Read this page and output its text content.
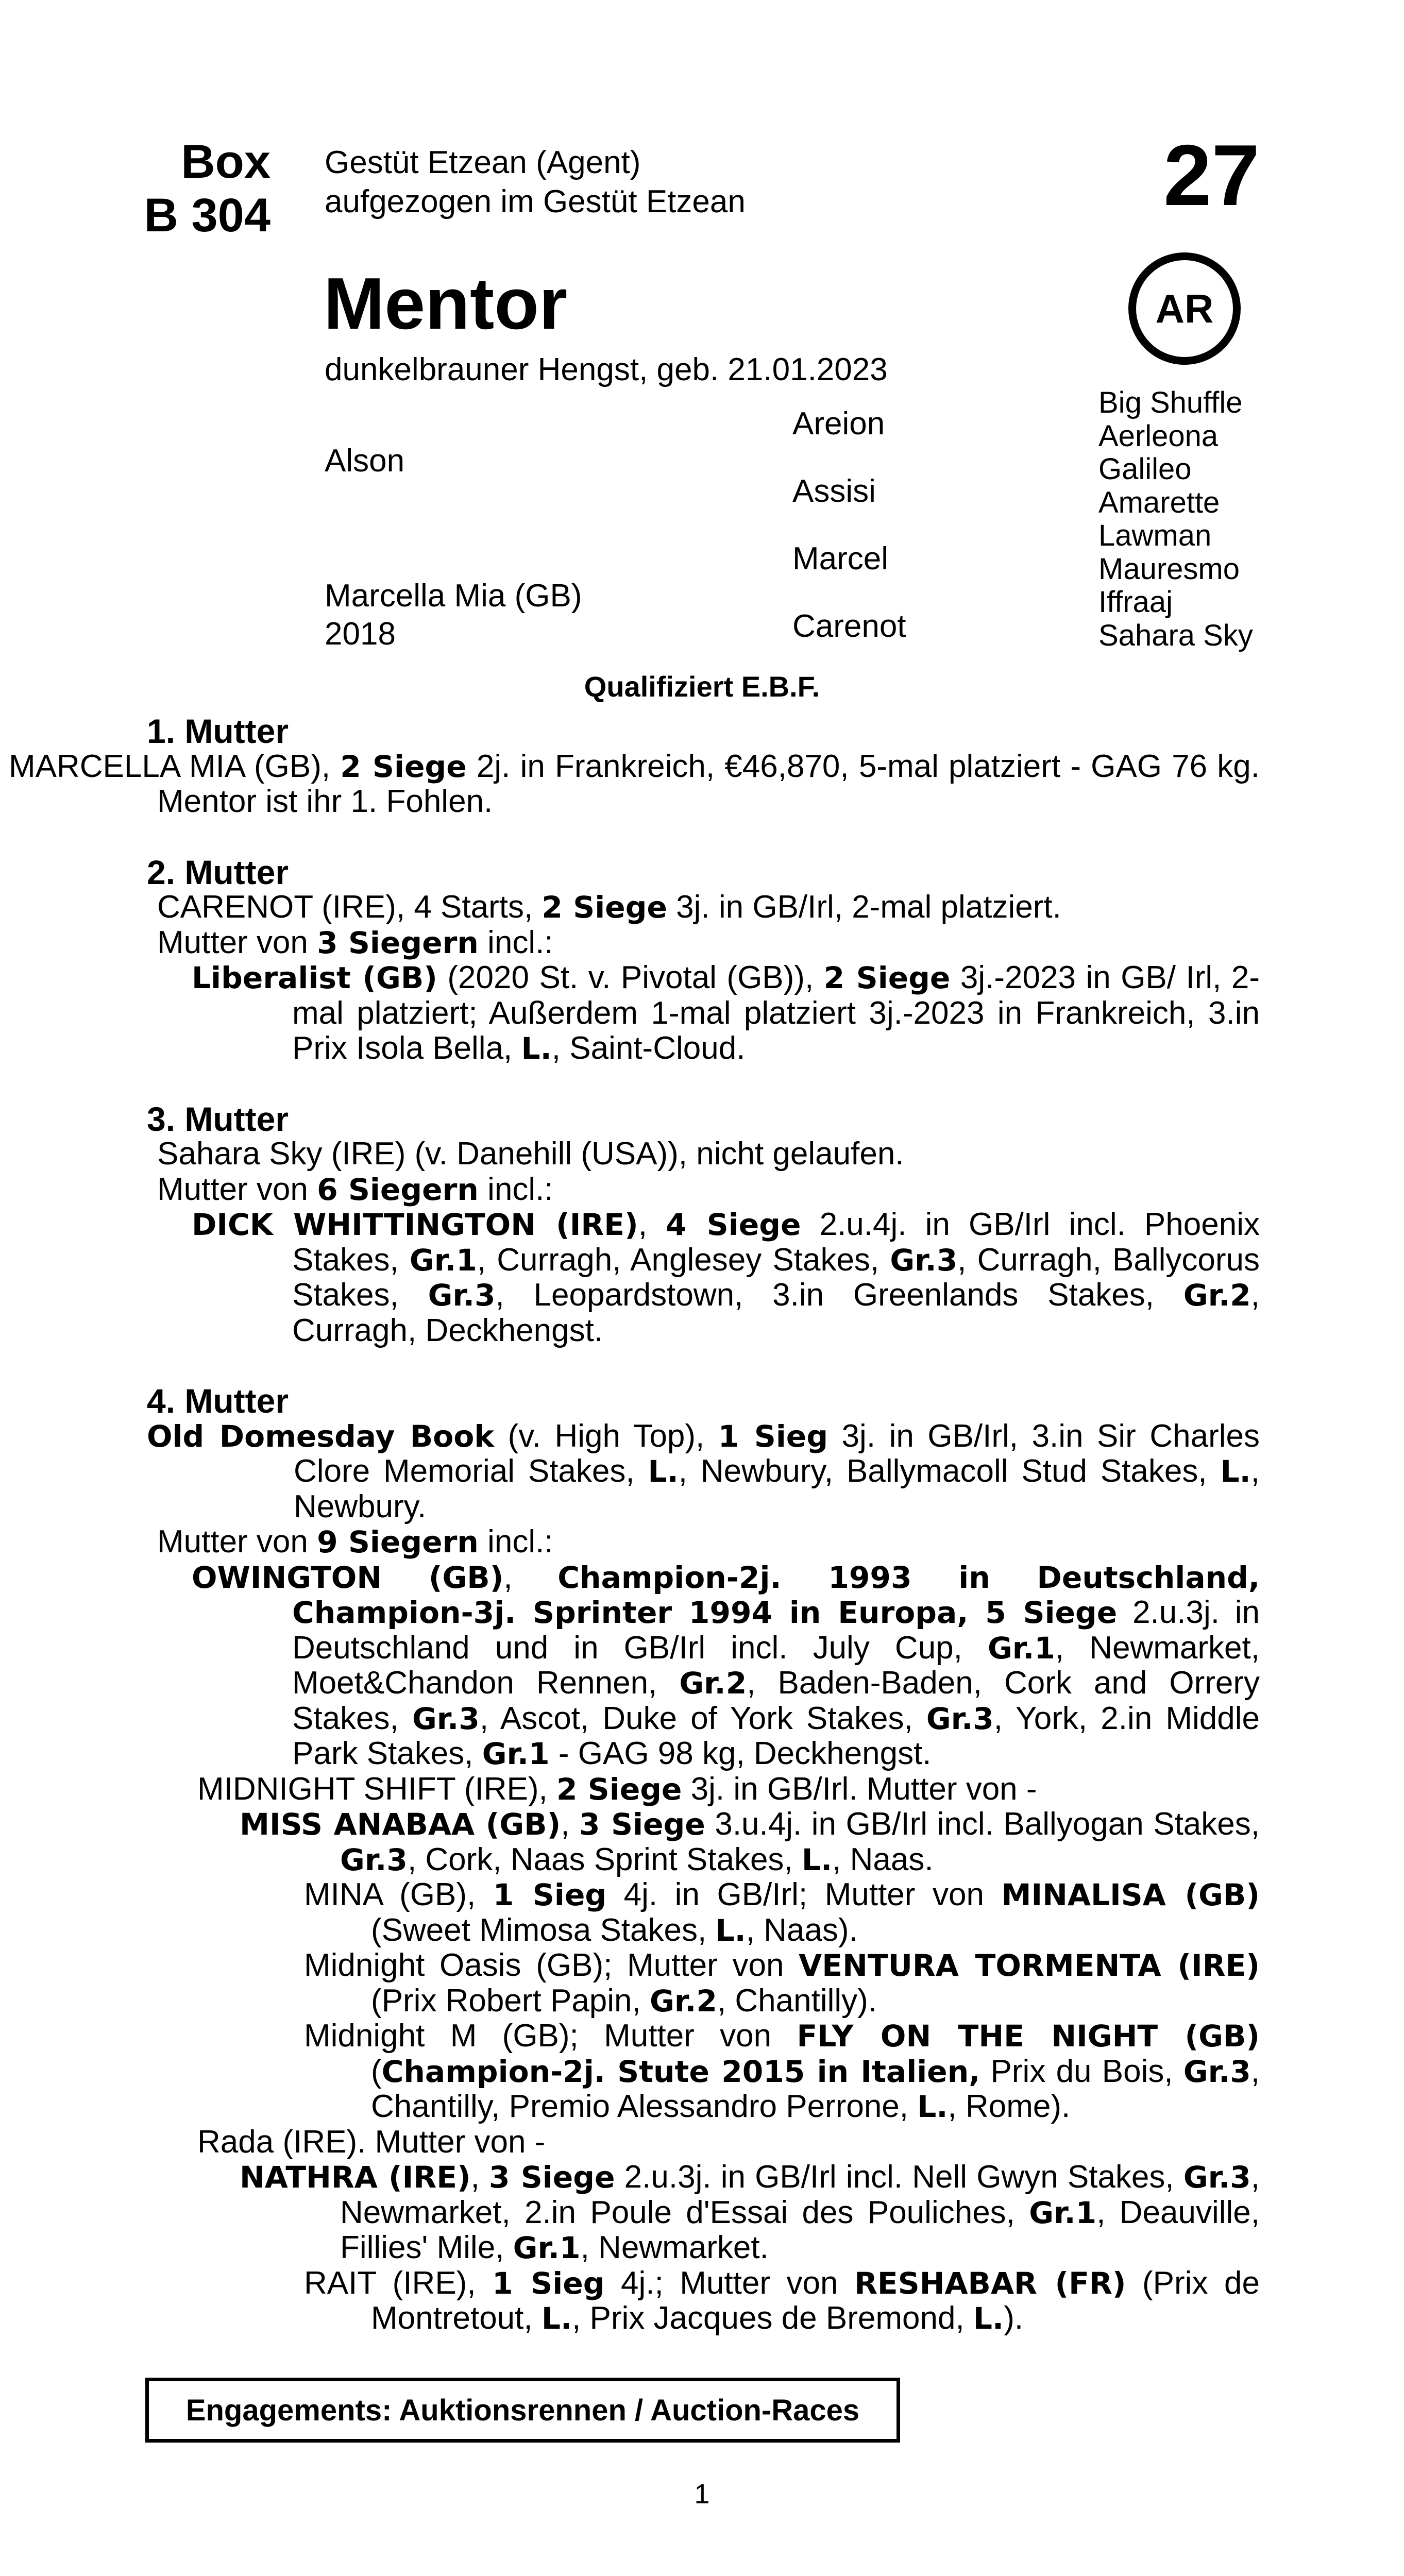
Box
B 304
Gestüt Etzean (Agent)
aufgezogen im Gestüt Etzean	27
AR
Mentor
dunkelbrauner Hengst, geb. 21.01.2023
Alson
Marcella Mia (GB)
2018
Areion
Assisi
Marcel
Carenot
Big Shuffle
Aerleona
Galileo
Amarette
Lawman
Mauresmo
Iffraaj
Sahara Sky
Qualifiziert E.B.F.
1. Mutter
MARCELLA MIA (GB), 2 Siege 2j. in Frankreich, €46,870, 5-mal platziert - GAG 76 kg. Mentor ist ihr 1. Fohlen.
2. Mutter
CARENOT (IRE), 4 Starts, 2 Siege 3j. in GB/Irl, 2-mal platziert.
Mutter von 3 Siegern incl.:
Liberalist (GB) (2020 St. v. Pivotal (GB)), 2 Siege 3j.-2023 in GB/ Irl, 2-mal platziert; Außerdem 1-mal platziert 3j.-2023 in Frankreich, 3.in Prix Isola Bella, L., Saint-Cloud.
3. Mutter
Sahara Sky (IRE) (v. Danehill (USA)), nicht gelaufen.
Mutter von 6 Siegern incl.:
DICK WHITTINGTON (IRE), 4 Siege 2.u.4j. in GB/Irl incl. Phoenix Stakes, Gr.1, Curragh, Anglesey Stakes, Gr.3, Curragh, Ballycorus Stakes, Gr.3, Leopardstown, 3.in Greenlands Stakes, Gr.2, Curragh, Deckhengst.
4. Mutter
Old Domesday Book (v. High Top), 1 Sieg 3j. in GB/Irl, 3.in Sir Charles Clore Memorial Stakes, L., Newbury, Ballymacoll Stud Stakes, L., Newbury.
Mutter von 9 Siegern incl.:
OWINGTON (GB), Champion-2j. 1993 in Deutschland, Champion-3j. Sprinter 1994 in Europa, 5 Siege 2.u.3j. in Deutschland und in GB/Irl incl. July Cup, Gr.1, Newmarket, Moet&Chandon Rennen, Gr.2, Baden-Baden, Cork and Orrery Stakes, Gr.3, Ascot, Duke of York Stakes, Gr.3, York, 2.in Middle Park Stakes, Gr.1 - GAG 98 kg, Deckhengst.
MIDNIGHT SHIFT (IRE), 2 Siege 3j. in GB/Irl. Mutter von -
MISS ANABAA (GB), 3 Siege 3.u.4j. in GB/Irl incl. Ballyogan Stakes, Gr.3, Cork, Naas Sprint Stakes, L., Naas.
MINA (GB), 1 Sieg 4j. in GB/Irl; Mutter von MINALISA (GB) (Sweet Mimosa Stakes, L., Naas).
Midnight Oasis (GB); Mutter von VENTURA TORMENTA (IRE) (Prix Robert Papin, Gr.2, Chantilly).
Midnight M (GB); Mutter von FLY ON THE NIGHT (GB) (Champion-2j. Stute 2015 in Italien, Prix du Bois, Gr.3, Chantilly, Premio Alessandro Perrone, L., Rome).
Rada (IRE). Mutter von -
NATHRA (IRE), 3 Siege 2.u.3j. in GB/Irl incl. Nell Gwyn Stakes, Gr.3, Newmarket, 2.in Poule d'Essai des Pouliches, Gr.1, Deauville, Fillies' Mile, Gr.1, Newmarket.
RAIT (IRE), 1 Sieg 4j.; Mutter von RESHABAR (FR) (Prix de Montretout, L., Prix Jacques de Bremond, L.).
Engagements: Auktionsrennen / Auction-Races
1
